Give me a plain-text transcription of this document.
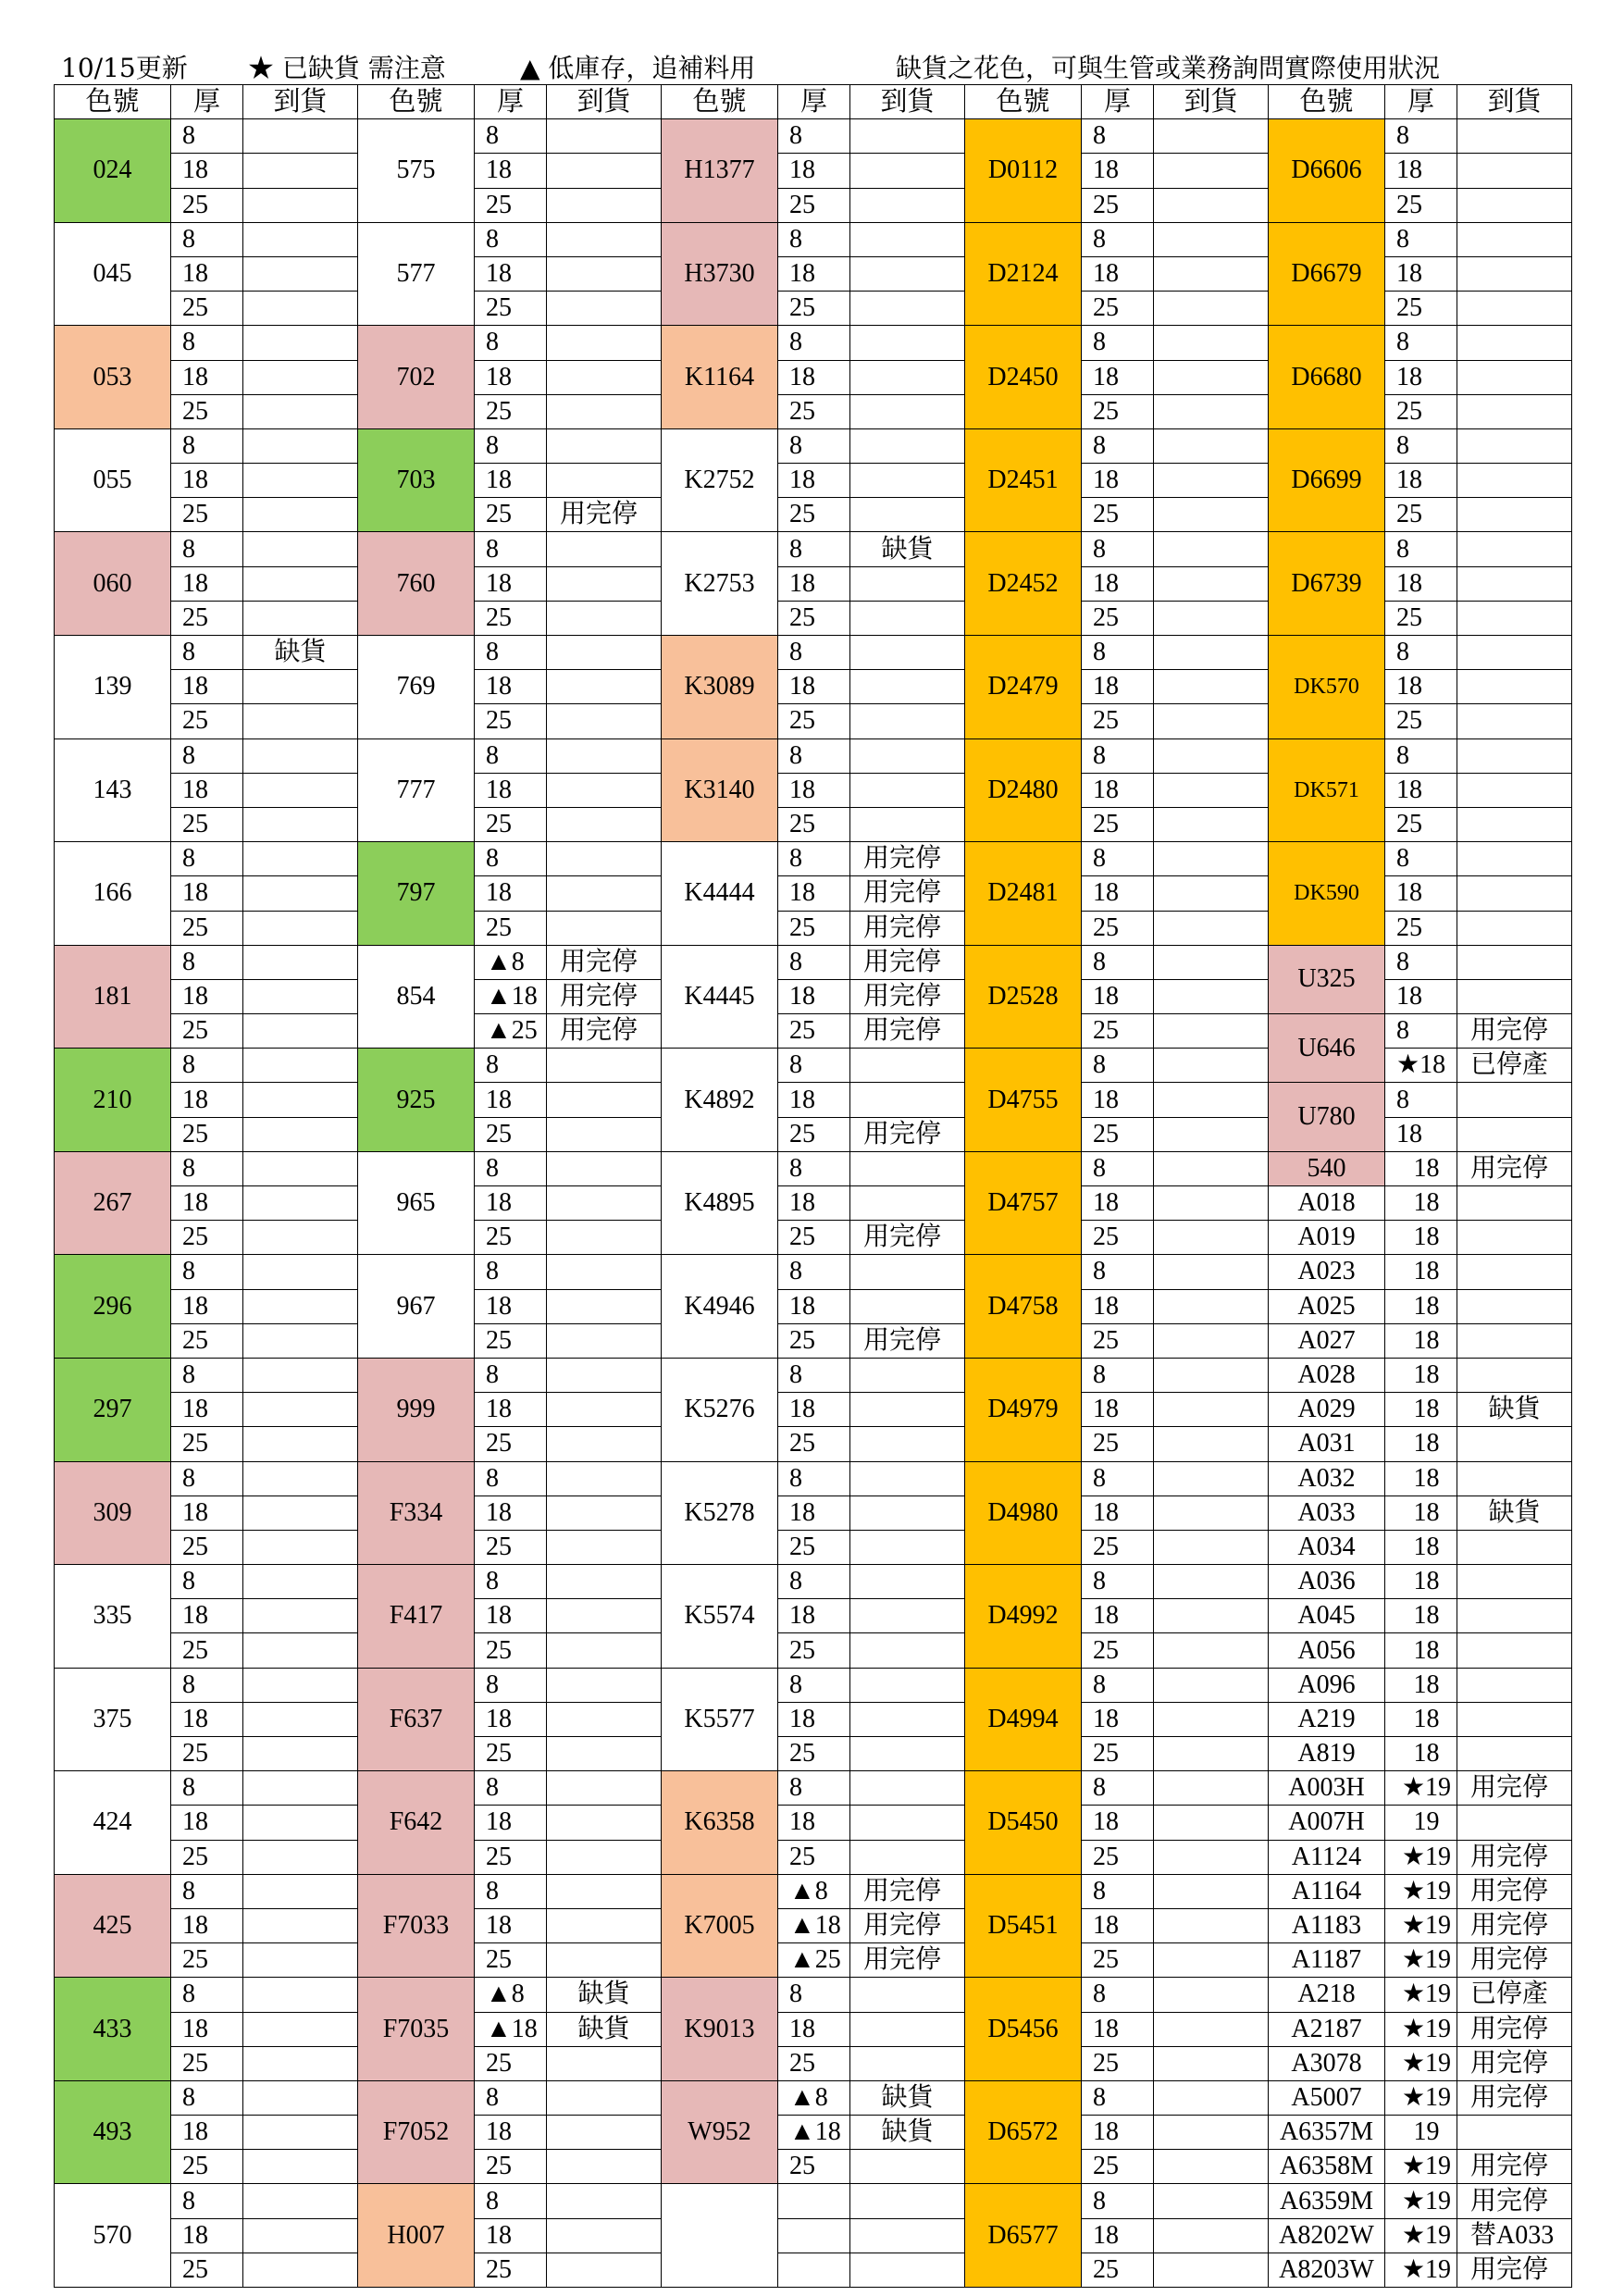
10/15更新 ★ 已缺貨 需注意	▲ 低庫存，追補料用	缺貨之花色，可與生管或業務詢問實際使用狀況
色號	厚	到貨	色號	厚	到貨	色號	厚	到貨	色號	厚	到貨	色號	厚	到貨
024	8		575	8		H1377	8		D0112	8		D6606	8	
	18			18			18			18			18	
	25			25			25			25			25	
045	8		577	8		H3730	8		D2124	8		D6679	8	
	18			18			18			18			18	
	25			25			25			25			25	
053	8		702	8		K1164	8		D2450	8		D6680	8	
	18			18			18			18			18	
	25			25			25			25			25	
055	8		703	8		K2752	8		D2451	8		D6699	8	
	18			18			18			18			18	
	25			25	用完停		25			25			25	
060	8		760	8		K2753	8	缺貨	D2452	8		D6739	8	
	18			18			18			18			18	
	25			25			25			25			25	
139	8	缺貨	769	8		K3089	8		D2479	8		DK570	8	
	18			18			18			18			18	
	25			25			25			25			25	
143	8		777	8		K3140	8		D2480	8		DK571	8	
	18			18			18			18			18	
	25			25			25			25			25	
166	8		797	8		K4444	8	用完停	D2481	8		DK590	8	
	18			18			18	用完停		18			18	
	25			25			25	用完停		25			25	
181	8		854	▲8	用完停	K4445	8	用完停	D2528	8		U325	8	
	18			▲18	用完停		18	用完停		18			18	
	25			▲25	用完停		25	用完停		25		U646	8	用完停
210	8		925	8		K4892	8		D4755	8			★18	已停產
	18			18			18			18		U780	8	
	25			25			25	用完停		25			18	
267	8		965	8		K4895	8		D4757	8		540	18	用完停
	18			18			18			18		A018	18	
	25			25			25	用完停		25		A019	18	
296	8		967	8		K4946	8		D4758	8		A023	18	
	18			18			18			18		A025	18	
	25			25			25	用完停		25		A027	18	
297	8		999	8		K5276	8		D4979	8		A028	18	
	18			18			18			18		A029	18	缺貨
	25			25			25			25		A031	18	
309	8		F334	8		K5278	8		D4980	8		A032	18	
	18			18			18			18		A033	18	缺貨
	25			25			25			25		A034	18	
335	8		F417	8		K5574	8		D4992	8		A036	18	
	18			18			18			18		A045	18	
	25			25			25			25		A056	18	
375	8		F637	8		K5577	8		D4994	8		A096	18	
	18			18			18			18		A219	18	
	25			25			25			25		A819	18	
424	8		F642	8		K6358	8		D5450	8		A003H	★19	用完停
	18			18			18			18		A007H	19	
	25			25			25			25		A1124	★19	用完停
425	8		F7033	8		K7005	▲8	用完停	D5451	8		A1164	★19	用完停
	18			18			▲18	用完停		18		A1183	★19	用完停
	25			25			▲25	用完停		25		A1187	★19	用完停
433	8		F7035	▲8	缺貨	K9013	8		D5456	8		A218	★19	已停產
	18			▲18	缺貨		18			18		A2187	★19	用完停
	25			25			25			25		A3078	★19	用完停
493	8		F7052	8		W952	▲8	缺貨	D6572	8		A5007	★19	用完停
	18			18			▲18	缺貨		18		A6357M	19	
	25			25			25			25		A6358M	★19	用完停
570	8		H007	8					D6577	8		A6359M	★19	用完停
	18			18						18		A8202W	★19	替A033
	25			25						25		A8203W	★19	用完停
